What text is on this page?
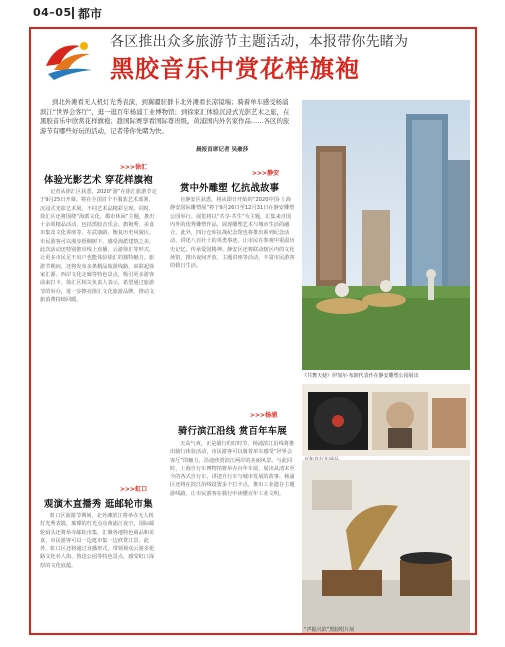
04–05 都市
各区推出众多旅游节主题活动，本报带你先睹为
黑胶音乐中赏花样旗袍
到北外滩看无人机灯光秀表演，到翼疆驻群卡北外滩看长凉镜端；骑着单车感受杨浦滨江“世界会客厅”，逛一逛百年杨浦工业博物馆；到徐家汇体验沉浸式光影艺术之旅，在黑胶音乐中欣赏花样旗袍；趁国际赛享看国际尊贵级。黄浦国内外名家作品……各区的旅游节有哪些好玩的活动，记者带你先睹为快。
晨报首席记者 吴豪莎
《共舞天使》伊加尔·布朗代表作在静安雕塑公园展出
>>>徐汇
体验光影艺术 穿花样旗袍
记者从徐汇区获悉，2020“游”在徐汇旅游节定于9月25日开幕。将在全国首个不服装艺术部署、沉浸式光影艺术展，不同艺术品精彩呈现。同时，徐汇区还将围绕“海派文化、都市休闲”主题，推出十余项精品活动，包括黑胶音乐会、旗袍秀、美食市集及文化讲座等。在武康路、衡复历史风貌区，市民游客可以漫步梧桐树下，感受海派建筑之美。此次活动还特别推出线上直播、云游徐汇等形式，让更多市民足不出户也能体验徐汇的独特魅力。旅游节期间，还将发布多条精品旅游线路，串联起徐家汇源、西岸文化走廊等特色景点，吸引更多游客前来打卡。徐汇区相关负责人表示，希望通过旅游节的举办，进一步擦亮徐汇文化旅游品牌，推动文旅消费持续回暖。
>>>静安
赏中外雕塑 忆抗战故事
自静安区获悉，将从即日开始的“2020中国·上海静安国际雕塑展”将于9月26日至12月31日在静安雕塑公园举行。展览将以“共享·共生”为主题，汇集来自国内外的优秀雕塑作品，展现雕塑艺术与城市生活的融合。此外，四行仓库抗战纪念馆也将推出系列纪念活动，讲述八百壮士的英勇事迹，让市民在参观中重温历史记忆、传承爱国精神。静安区还将联动辖区内的文化场馆，推出夜间开放、主题讲座等活动，丰富市民游客的假日生活。
>>>杨浦
骑行滨江沿线 赏百年车展
天高气爽，正是骑行的好时节。杨浦滨江沿线将推出骑行体验活动，市民游客可以骑着单车感受“世界会客厅”的魅力，沿途欣赏滨江两岸的美丽风景。与此同时，上海自行车博物馆将举办百年车展，展出从清末至今的各式自行车，讲述自行车与城市发展的故事。杨浦区还将在滨江沿线设置多个打卡点，推出工业遗存主题游线路，让市民游客在骑行中读懂百年工业文明。
>>>虹口
观演木直播秀 逛邮轮市集
虹口区旅游节期间，北外滩滨江将举办无人机灯光秀表演，璀璨的灯光点亮黄浦江夜空。国际邮轮码头还将举办邮轮市集，汇聚各地特色商品和美食，市民游客可以一边逛市集一边欣赏江景。此外，虹口区还将通过直播形式，带领观众云游多伦路文化名人街、鲁迅公园等特色景点，感受虹口深厚的文化底蕴。
“声振兴滨”黑胶唱片展
